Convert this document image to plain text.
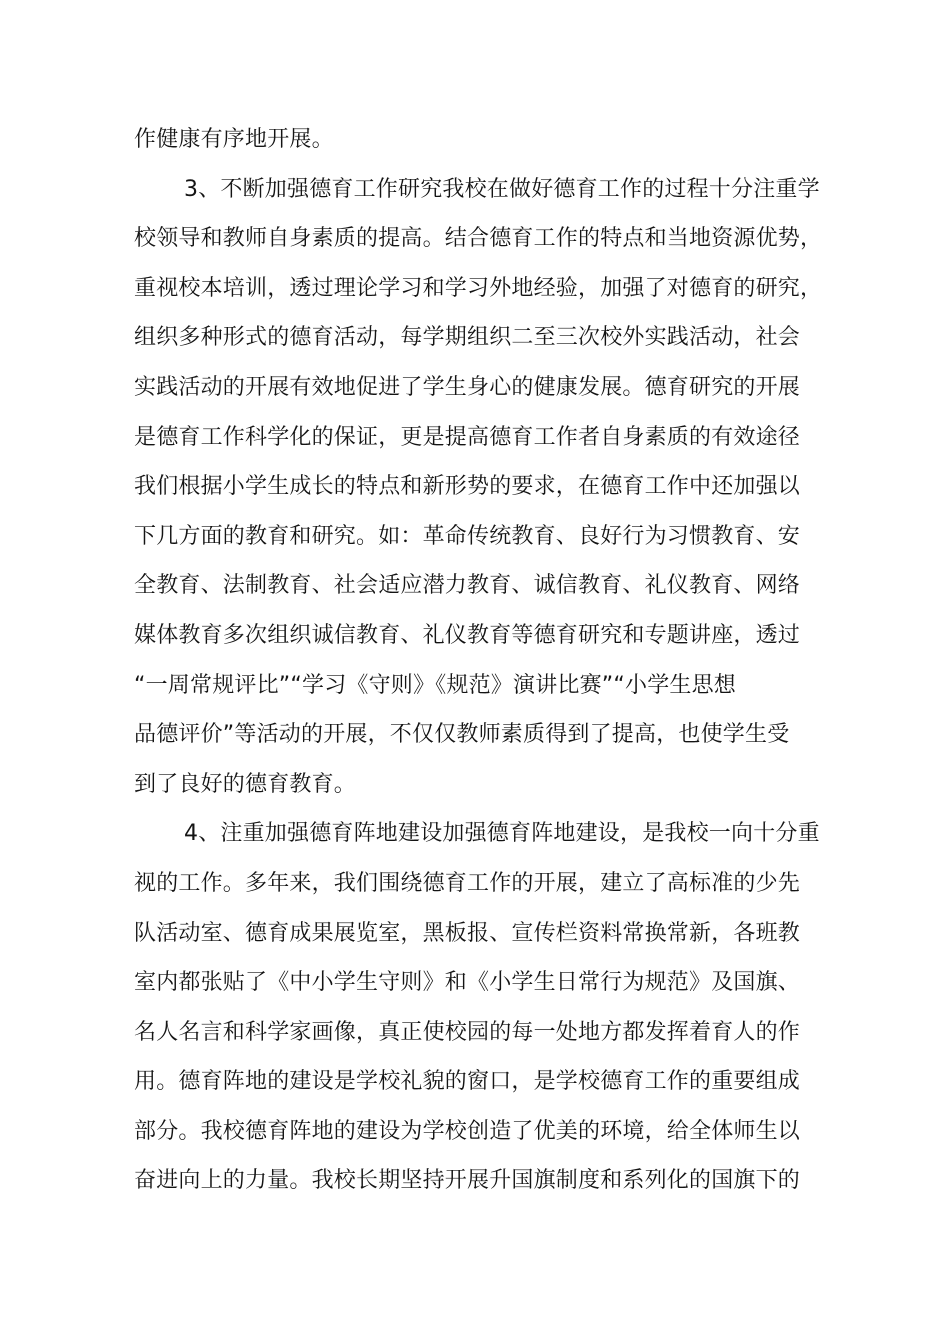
作健康有序地开展。
3、不断加强德育工作研究我校在做好德育工作的过程十分注重学
校领导和教师自身素质的提高。结合德育工作的特点和当地资源优势，
重视校本培训，透过理论学习和学习外地经验，加强了对德育的研究，
组织多种形式的德育活动，每学期组织二至三次校外实践活动，社会
实践活动的开展有效地促进了学生身心的健康发展。德育研究的开展
是德育工作科学化的保证，更是提高德育工作者自身素质的有效途径
我们根据小学生成长的特点和新形势的要求，在德育工作中还加强以
下几方面的教育和研究。如：革命传统教育、良好行为习惯教育、安
全教育、法制教育、社会适应潜力教育、诚信教育、礼仪教育、网络
媒体教育多次组织诚信教育、礼仪教育等德育研究和专题讲座，透过
“一周常规评比”“学习《守则》《规范》演讲比赛”“小学生思想
品德评价”等活动的开展，不仅仅教师素质得到了提高，也使学生受
到了良好的德育教育。
4、注重加强德育阵地建设加强德育阵地建设，是我校一向十分重
视的工作。多年来，我们围绕德育工作的开展，建立了高标准的少先
队活动室、德育成果展览室，黑板报、宣传栏资料常换常新，各班教
室内都张贴了《中小学生守则》和《小学生日常行为规范》及国旗、
名人名言和科学家画像，真正使校园的每一处地方都发挥着育人的作
用。德育阵地的建设是学校礼貌的窗口，是学校德育工作的重要组成
部分。我校德育阵地的建设为学校创造了优美的环境，给全体师生以
奋进向上的力量。我校长期坚持开展升国旗制度和系列化的国旗下的
